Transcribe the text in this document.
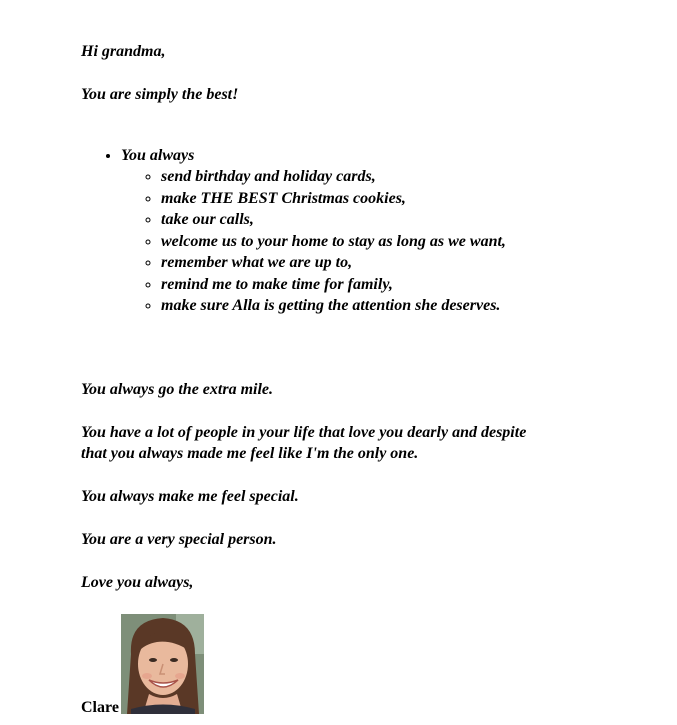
Hi grandma,

You are simply the best!

• You always
◦ send birthday and holiday cards,
◦ make THE BEST Christmas cookies,
◦ take our calls,
◦ welcome us to your home to stay as long as we want,
◦ remember what we are up to,
◦ remind me to make time for family,
◦ make sure Alla is getting the attention she deserves.

You always go the extra mile.

You have a lot of people in your life that love you dearly and despite that you always made me feel like I'm the only one.

You always make me feel special.

You are a very special person.

Love you always,

Clare
